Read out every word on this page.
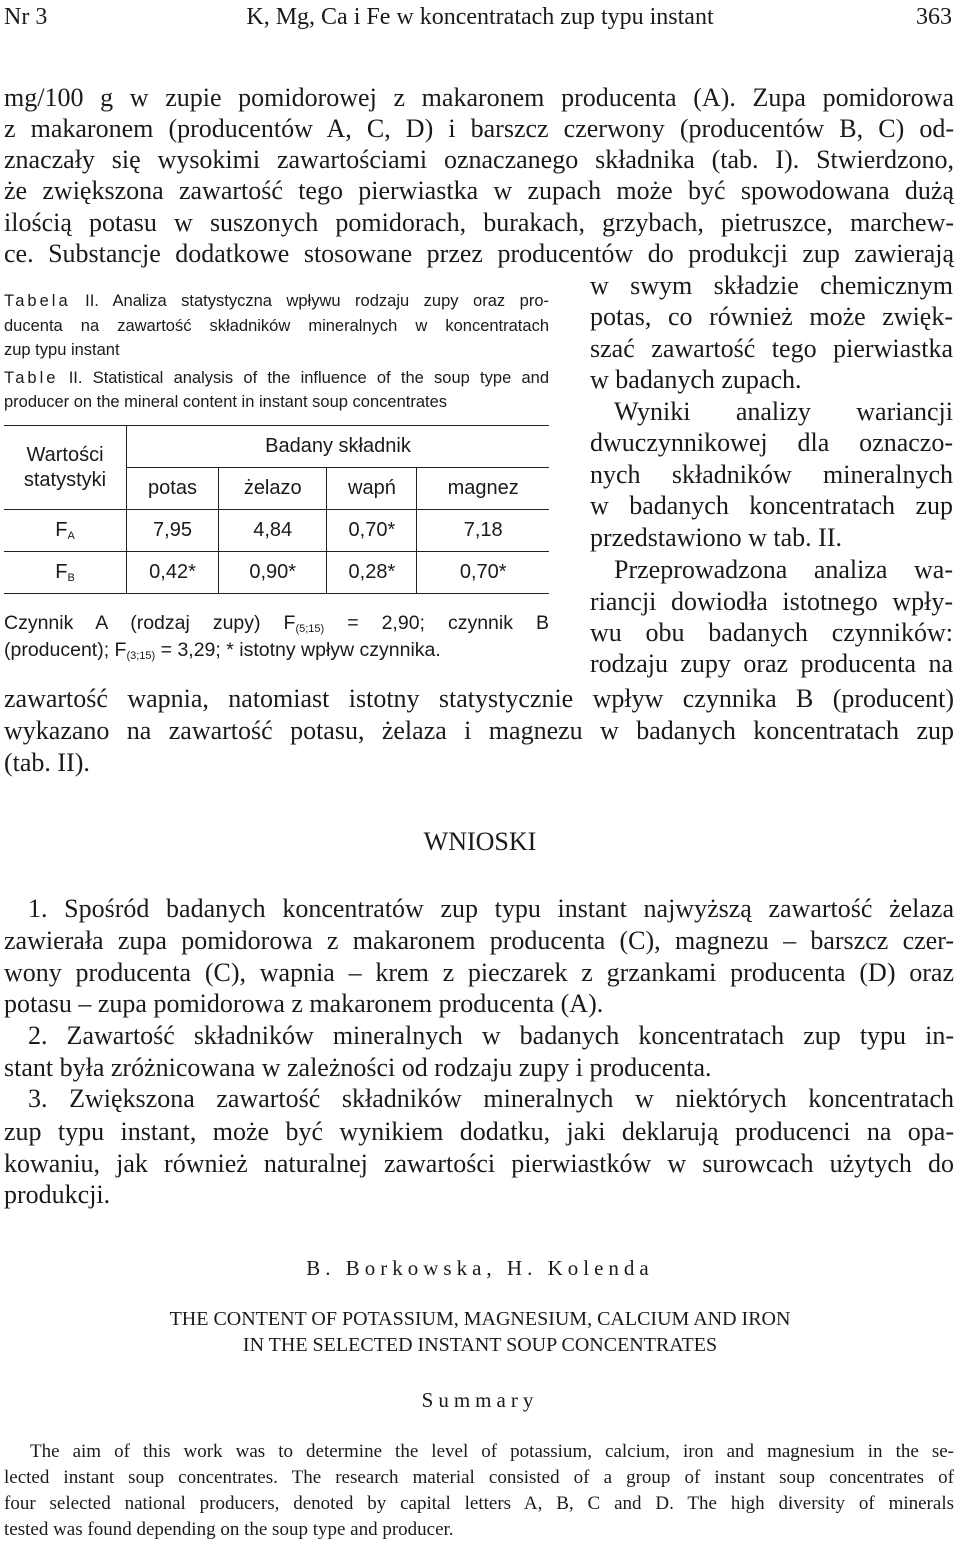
Nr 3	K, Mg, Ca i Fe w koncentratach zup typu instant	363
mg/100 g w zupie pomidorowej z makaronem producenta (A). Zupa pomidorowa
z makaronem (producentów A, C, D) i barszcz czerwony (producentów B, C) od-
znaczały się wysokimi zawartościami oznaczanego składnika (tab. I). Stwierdzono,
że zwiększona zawartość tego pierwiastka w zupach może być spowodowana dużą
ilością potasu w suszonych pomidorach, burakach, grzybach, pietruszce, marchew-
ce. Substancje dodatkowe stosowane przez producentów do produkcji zup zawierają
w swym składzie chemicznym
potas, co również może zwięk-
szać zawartość tego pierwiastka
w badanych zupach.
Wyniki analizy wariancji
dwuczynnikowej dla oznaczo-
nych składników mineralnych
w badanych koncentratach zup
przedstawiono w tab. II.
Przeprowadzona analiza wa-
riancji dowiodła istotnego wpły-
wu obu badanych czynników:
rodzaju zupy oraz producenta na
Tabela II. Analiza statystyczna wpływu rodzaju zupy oraz pro-
ducenta na zawartość składników mineralnych w koncentratach
zup typu instant
Table II. Statistical analysis of the influence of the soup type and
producer on the mineral content in instant soup concentrates
Wartości
statystyki	Badany składnik			
	potas	żelazo	wapń	magnez
$F_A$	7,95	4,84	0,70*	7,18
$F_B$	0,42*	0,90*	0,28*	0,70*
Czynnik A (rodzaj zupy) $F_{(5;15)} = 2,90$; czynnik B
(producent); $F_{(3;15)} = 3,29$; * istotny wpływ czynnika.
zawartość wapnia, natomiast istotny statystycznie wpływ czynnika B (producent)
wykazano na zawartość potasu, żelaza i magnezu w badanych koncentratach zup
(tab. II).
WNIOSKI
1. Spośród badanych koncentratów zup typu instant najwyższą zawartość żelaza
zawierała zupa pomidorowa z makaronem producenta (C), magnezu – barszcz czer-
wony producenta (C), wapnia – krem z pieczarek z grzankami producenta (D) oraz
potasu – zupa pomidorowa z makaronem producenta (A).
2. Zawartość składników mineralnych w badanych koncentratach zup typu in-
stant była zróżnicowana w zależności od rodzaju zupy i producenta.
3. Zwiększona zawartość składników mineralnych w niektórych koncentratach
zup typu instant, może być wynikiem dodatku, jaki deklarują producenci na opa-
kowaniu, jak również naturalnej zawartości pierwiastków w surowcach użytych do
produkcji.
B. Borkowska, H. Kolenda
THE CONTENT OF POTASSIUM, MAGNESIUM, CALCIUM AND IRON
IN THE SELECTED INSTANT SOUP CONCENTRATES
Summary
The aim of this work was to determine the level of potassium, calcium, iron and magnesium in the se-
lected instant soup concentrates. The research material consisted of a group of instant soup concentrates of
four selected national producers, denoted by capital letters A, B, C and D. The high diversity of minerals
tested was found depending on the soup type and producer.
